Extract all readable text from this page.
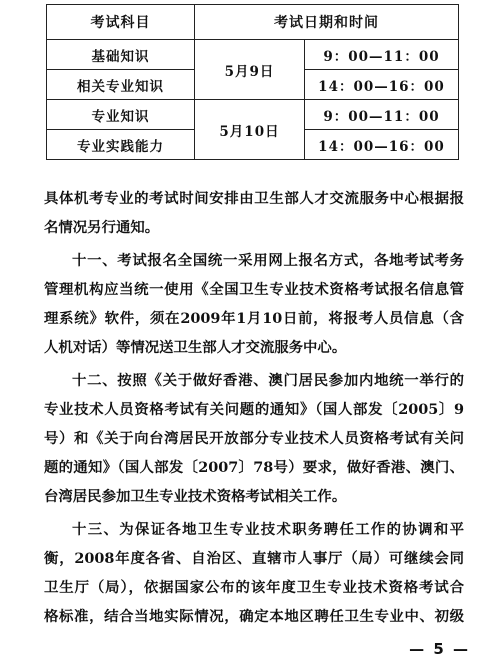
考试科目	考试日期和时间	
基础知识	5月9日	9：00—11：00
相关专业知识		14：00—16：00
专业知识	5月10日	9：00—11：00
专业实践能力		14：00—16：00
具体机考专业的考试时间安排由卫生部人才交流服务中心根据报
名情况另行通知。
十一、考试报名全国统一采用网上报名方式，各地考试考务
管理机构应当统一使用《全国卫生专业技术资格考试报名信息管
理系统》软件，须在2009年1月10日前，将报考人员信息（含
人机对话）等情况送卫生部人才交流服务中心。
十二、按照《关于做好香港、澳门居民参加内地统一举行的
专业技术人员资格考试有关问题的通知》（国人部发〔2005〕9
号）和《关于向台湾居民开放部分专业技术人员资格考试有关问
题的通知》（国人部发〔2007〕78号）要求，做好香港、澳门、
台湾居民参加卫生专业技术资格考试相关工作。
十三、为保证各地卫生专业技术职务聘任工作的协调和平
衡，2008年度各省、自治区、直辖市人事厅（局）可继续会同
卫生厅（局），依据国家公布的该年度卫生专业技术资格考试合
格标准，结合当地实际情况，确定本地区聘任卫生专业中、初级
— 5 —
